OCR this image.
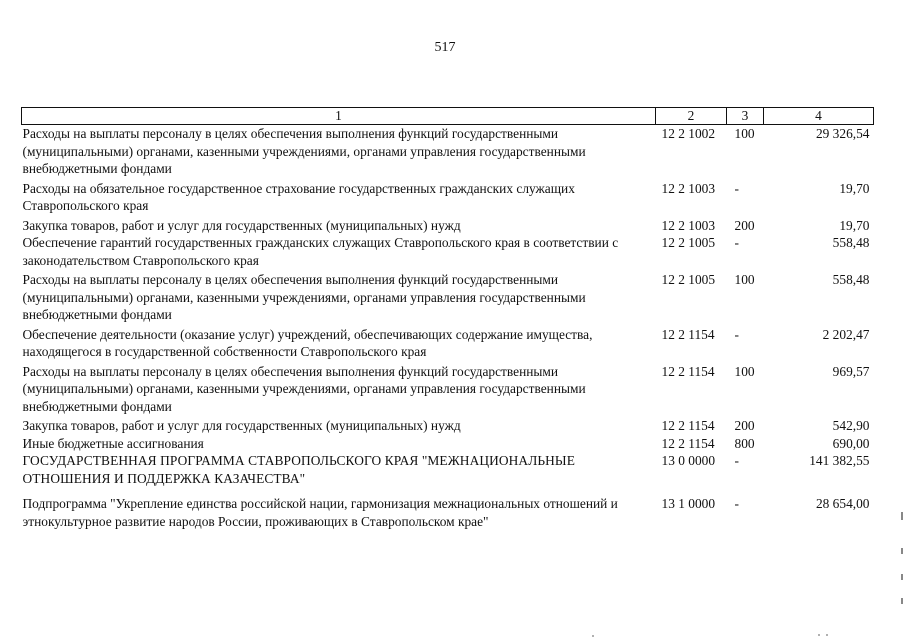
517
1	2	3	4
Расходы на выплаты персоналу в целях обеспечения выполнения функций государственными (муниципальными) органами, казенными учреждениями, органами управления государственными внебюджетными фондами	12 2 1002	100	29 326,54
Расходы на обязательное государственное страхование государственных гражданских служащих Ставропольского края	12 2 1003	-	19,70
Закупка товаров, работ и услуг для государственных (муниципальных) нужд	12 2 1003	200	19,70
Обеспечение гарантий государственных гражданских служащих Ставропольского края в соответствии с законодательством Ставропольского края	12 2 1005	-	558,48
Расходы на выплаты персоналу в целях обеспечения выполнения функций государственными (муниципальными) органами, казенными учреждениями, органами управления государственными внебюджетными фондами	12 2 1005	100	558,48
Обеспечение деятельности (оказание услуг) учреждений, обеспечивающих содержание имущества, находящегося в государственной собственности Ставропольского края	12 2 1154	-	2 202,47
Расходы на выплаты персоналу в целях обеспечения выполнения функций государственными (муниципальными) органами, казенными учреждениями, органами управления государственными внебюджетными фондами	12 2 1154	100	969,57
Закупка товаров, работ и услуг для государственных (муниципальных) нужд	12 2 1154	200	542,90
Иные бюджетные ассигнования	12 2 1154	800	690,00
ГОСУДАРСТВЕННАЯ ПРОГРАММА СТАВРОПОЛЬСКОГО КРАЯ "МЕЖНАЦИОНАЛЬНЫЕ ОТНОШЕНИЯ И ПОДДЕРЖКА КАЗАЧЕСТВА"	13 0 0000	-	141 382,55
Подпрограмма "Укрепление единства российской нации, гармонизация межнациональных отношений и этнокультурное развитие народов России, проживающих в Ставропольском крае"	13 1 0000	-	28 654,00
